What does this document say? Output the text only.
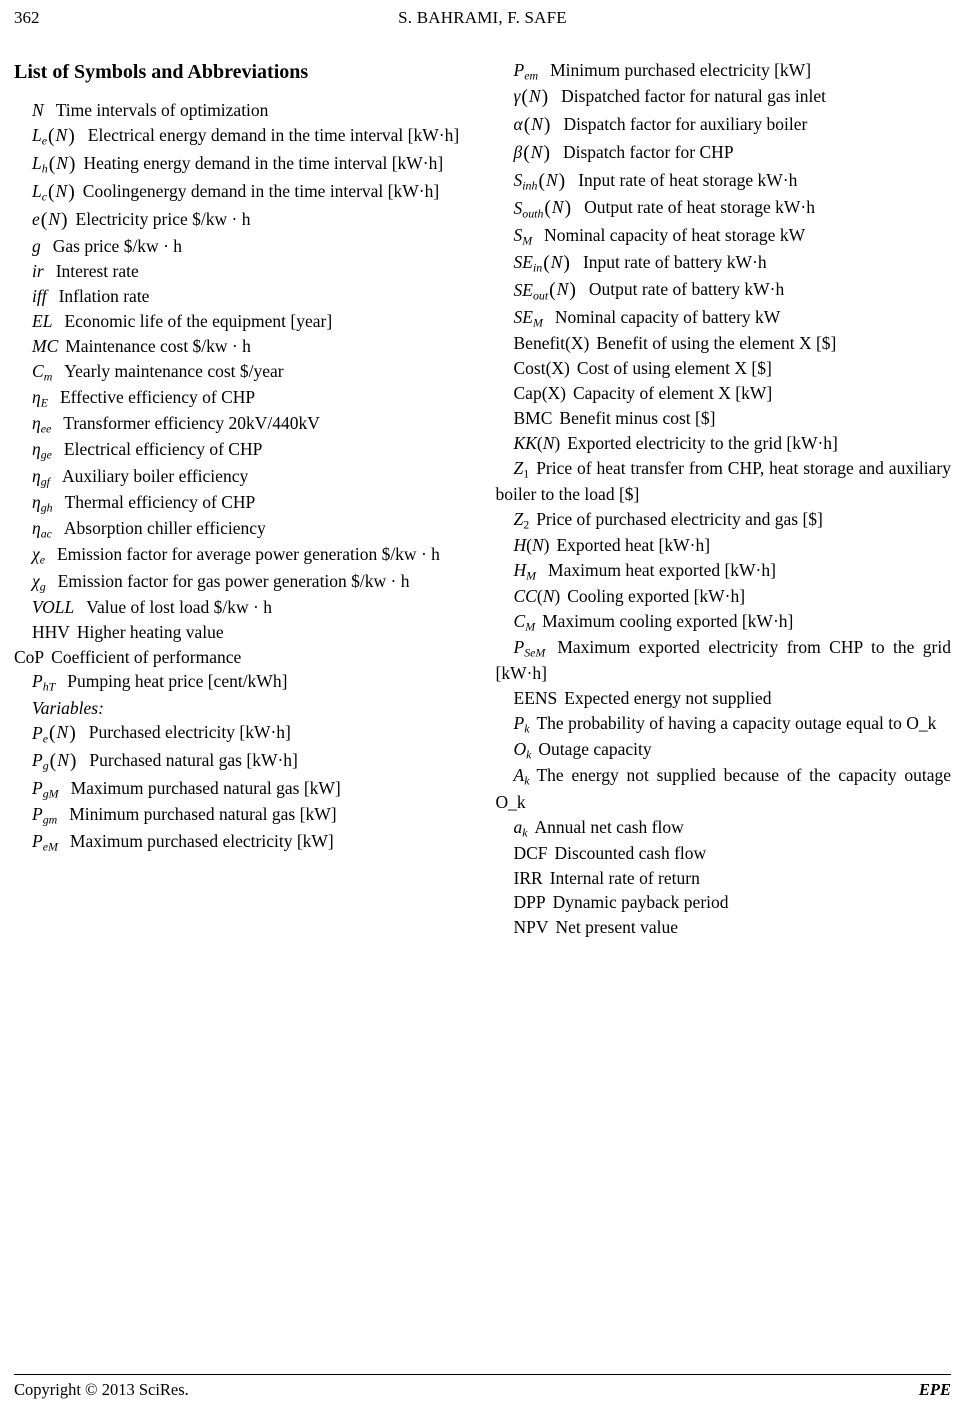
362	S. BAHRAMI, F. SAFE
List of Symbols and Abbreviations

N Time intervals of optimization

$L_e(N)$ Electrical energy demand in the time interval [kW·h]

$L_h(N)$ Heating energy demand in the time interval [kW·h]

$L_c(N)$ Coolingenergy demand in the time interval [kW·h]

e(N) Electricity price $/kw · h

g Gas price $/kw · h

ir Interest rate

iff Inflation rate

EL Economic life of the equipment [year]

MC Maintenance cost $/kw · h

$C_m$ Yearly maintenance cost $/year

$\eta_E$ Effective efficiency of CHP

$\eta_{ee}$ Transformer efficiency 20kV/440kV

$\eta_{ge}$ Electrical efficiency of CHP

$\eta_{gf}$ Auxiliary boiler efficiency

$\eta_{gh}$ Thermal efficiency of CHP

$\eta_{ac}$ Absorption chiller efficiency

$\chi_e$ Emission factor for average power generation $/kw · h

$\chi_g$ Emission factor for gas power generation $/kw · h

VOLL Value of lost load $/kw · h

HHV Higher heating value

CoP Coefficient of performance

$P_{hT}$ Pumping heat price [cent/kWh]

Variables:

$P_e(N)$ Purchased electricity [kW·h]

$P_g(N)$ Purchased natural gas [kW·h]

$P_{gM}$ Maximum purchased natural gas [kW]

$P_{gm}$ Minimum purchased natural gas [kW]

$P_{eM}$ Maximum purchased electricity [kW]

$P_{em}$ Minimum purchased electricity [kW]

γ(N) Dispatched factor for natural gas inlet

α(N) Dispatch factor for auxiliary boiler

β(N) Dispatch factor for CHP

$S_{inh}(N)$ Input rate of heat storage kW·h

$S_{outh}(N)$ Output rate of heat storage kW·h

$S_M$ Nominal capacity of heat storage kW

$SE_{in}(N)$ Input rate of battery kW·h

$SE_{out}(N)$ Output rate of battery kW·h

$SE_M$ Nominal capacity of battery kW

Benefit(X) Benefit of using the element X [$]

Cost(X) Cost of using element X [$]

Cap(X) Capacity of element X [kW]

BMC Benefit minus cost [$]

KK(N) Exported electricity to the grid [kW·h]

Z1 Price of heat transfer from CHP, heat storage and auxiliary boiler to the load [$]

Z2 Price of purchased electricity and gas [$]

H(N) Exported heat [kW·h]

$H_M$ Maximum heat exported [kW·h]

CC(N) Cooling exported [kW·h]

$C_M$ Maximum cooling exported [kW·h]

$P_{SeM}$ Maximum exported electricity from CHP to the grid [kW·h]

EENS Expected energy not supplied

$P_k$ The probability of having a capacity outage equal to O_k

$O_k$ Outage capacity

$A_k$ The energy not supplied because of the capacity outage O_k

$a_k$ Annual net cash flow

DCF Discounted cash flow

IRR Internal rate of return

DPP Dynamic payback period

NPV Net present value

Copyright © 2013 SciRes.	EPE
